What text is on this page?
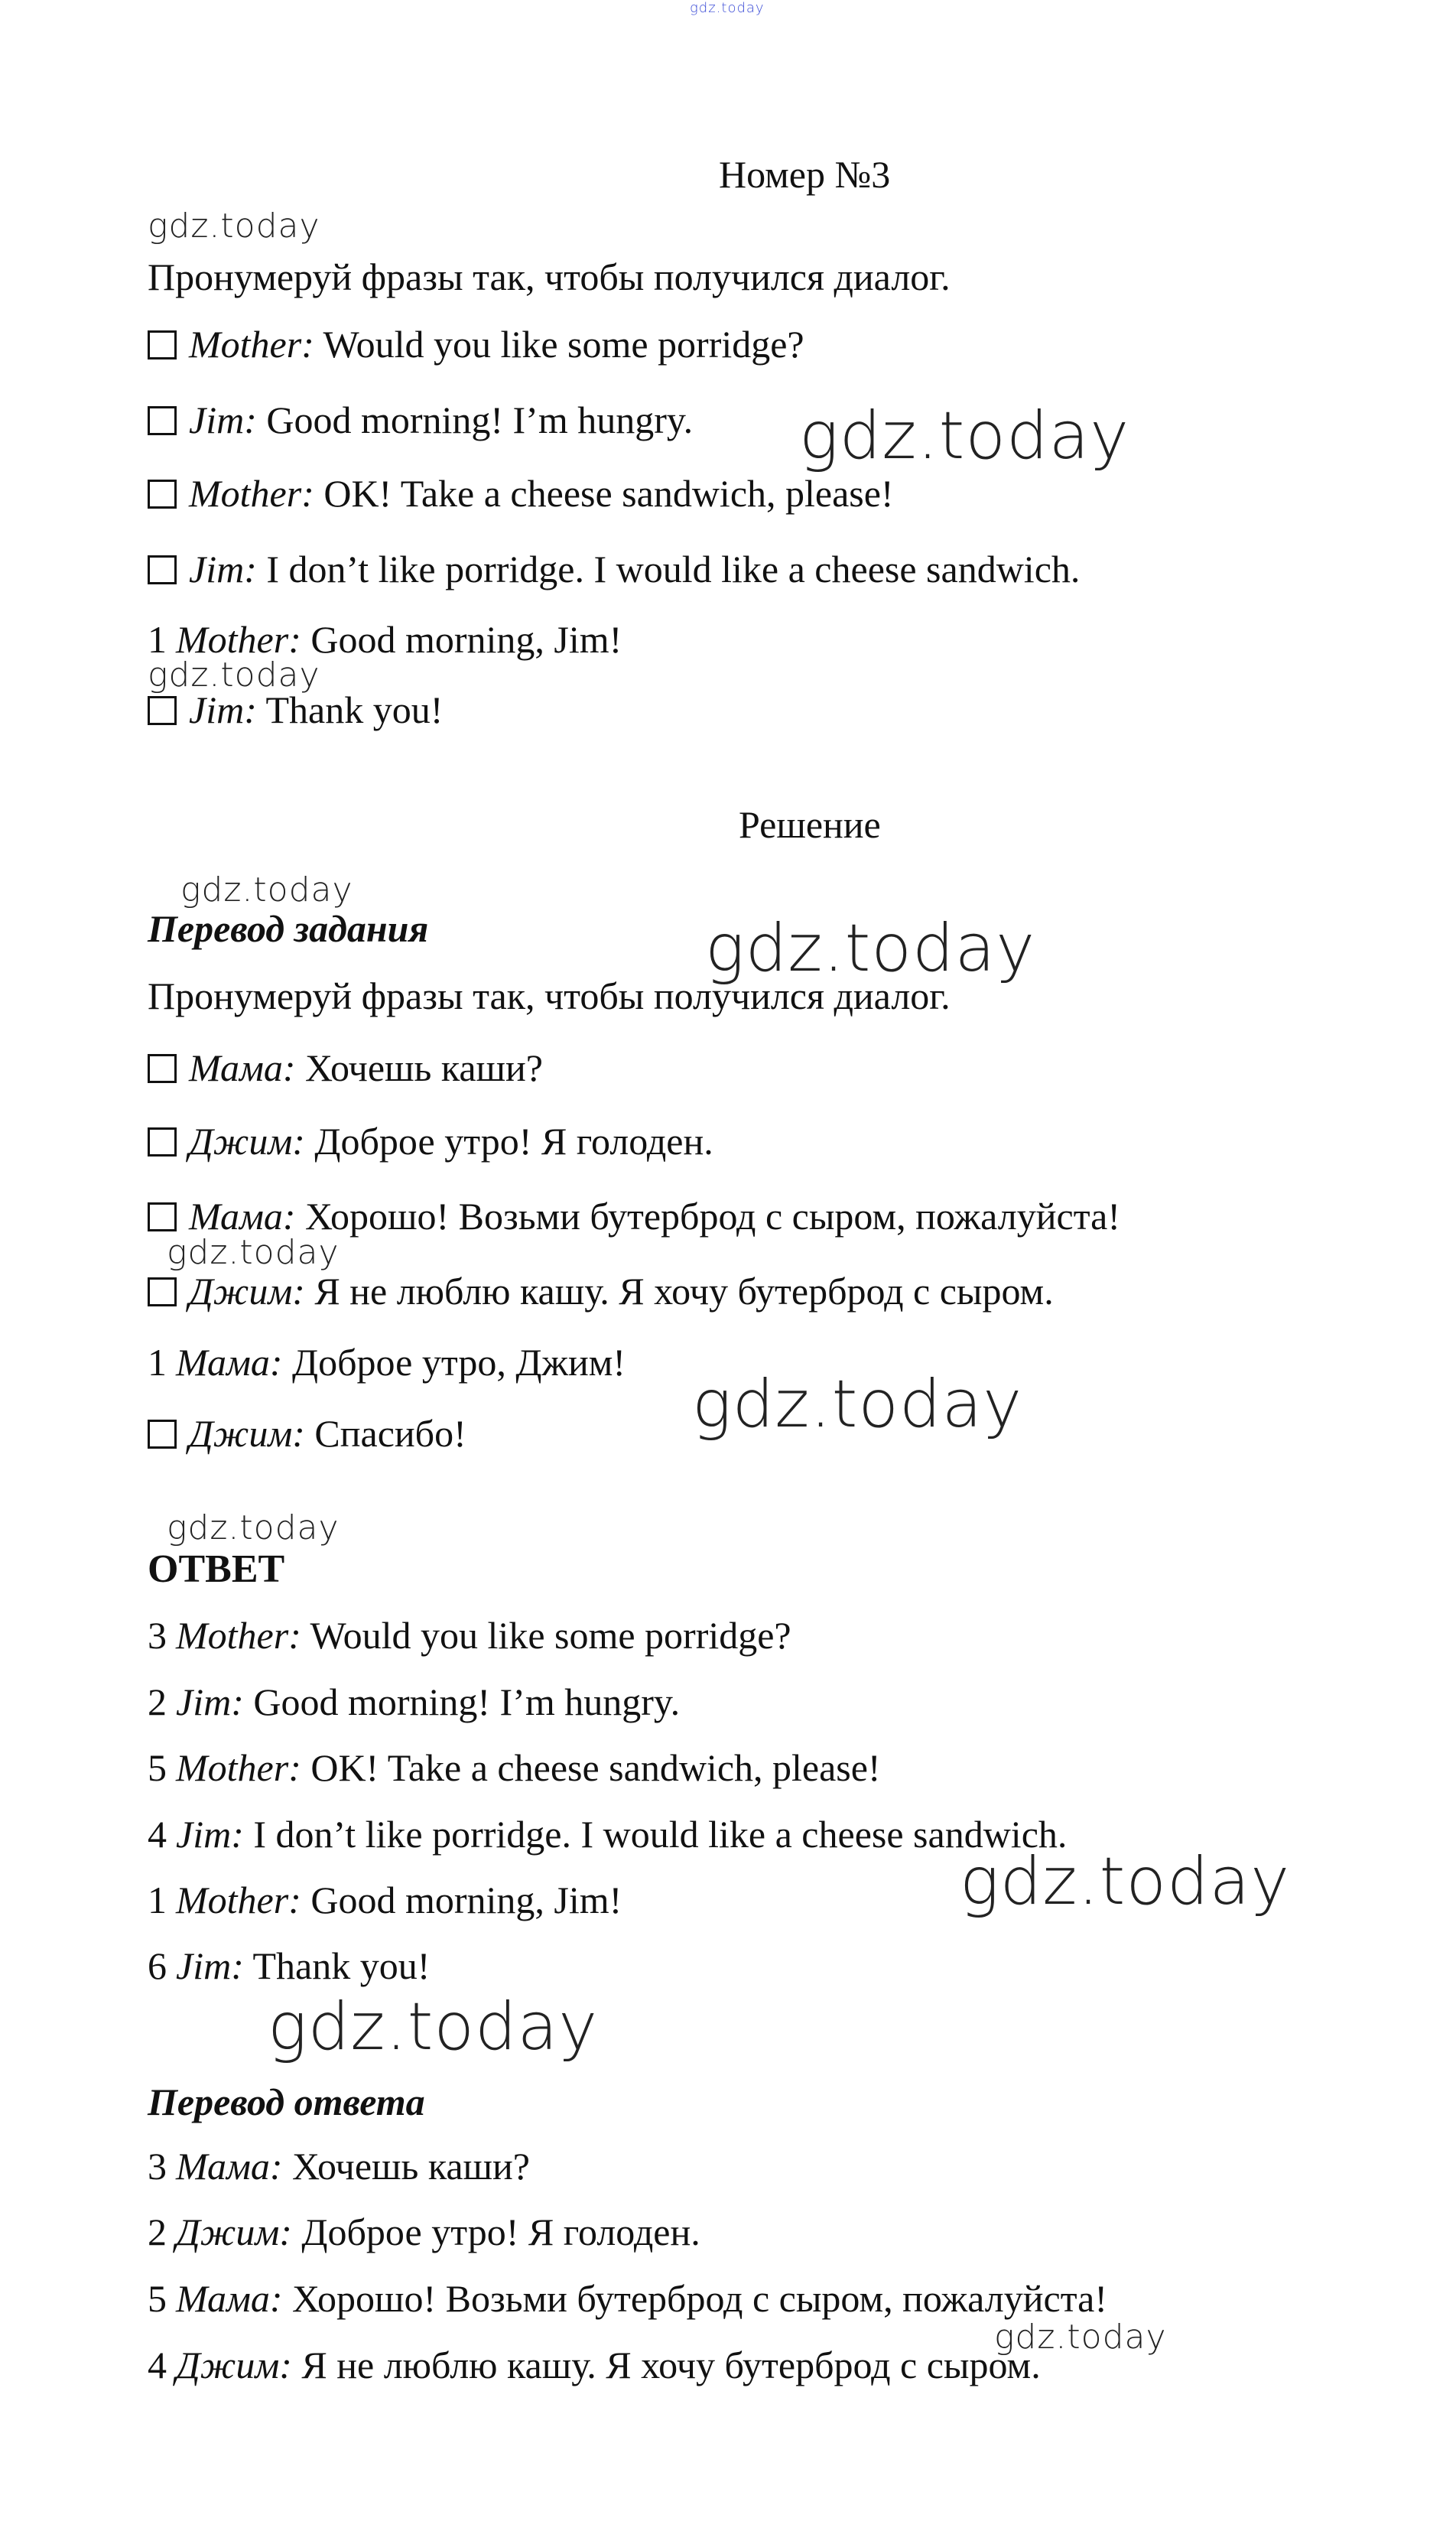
gdz.today
Номер №3
gdz.today
Пронумеруй фразы так, чтобы получился диалог.
Mother: Would you like some porridge?
Jim: Good morning! I’m hungry. gdz.today
Mother: OK! Take a cheese sandwich, please!
Jim: I don’t like porridge. I would like a cheese sandwich.
1 Mother: Good morning, Jim!
gdz.today
Jim: Thank you!
Решение
gdz.today
Перевод задания	gdz.today
Пронумеруй фразы так, чтобы получился диалог.
Мама: Хочешь каши?
Джим: Доброе утро! Я голоден.
Мама: Хорошо! Возьми бутерброд с сыром, пожалуйста!
gdz.today
Джим: Я не люблю кашу. Я хочу бутерброд с сыром.
1 Мама: Доброе утро, Джим!
gdz.today
Джим: Спасибо!
gdz.today
ОТВЕТ
3 Mother: Would you like some porridge?
2 Jim: Good morning! I’m hungry.
5 Mother: OK! Take a cheese sandwich, please!
4 Jim: I don’t like porridge. I would like a cheese sandwich.
gdz.today
1 Mother: Good morning, Jim!
6 Jim: Thank you!
gdz.today
Перевод ответа
3 Мама: Хочешь каши?
2 Джим: Доброе утро! Я голоден.
5 Мама: Хорошо! Возьми бутерброд с сыром, пожалуйста!
gdz.today
4 Джим: Я не люблю кашу. Я хочу бутерброд с сыром.
